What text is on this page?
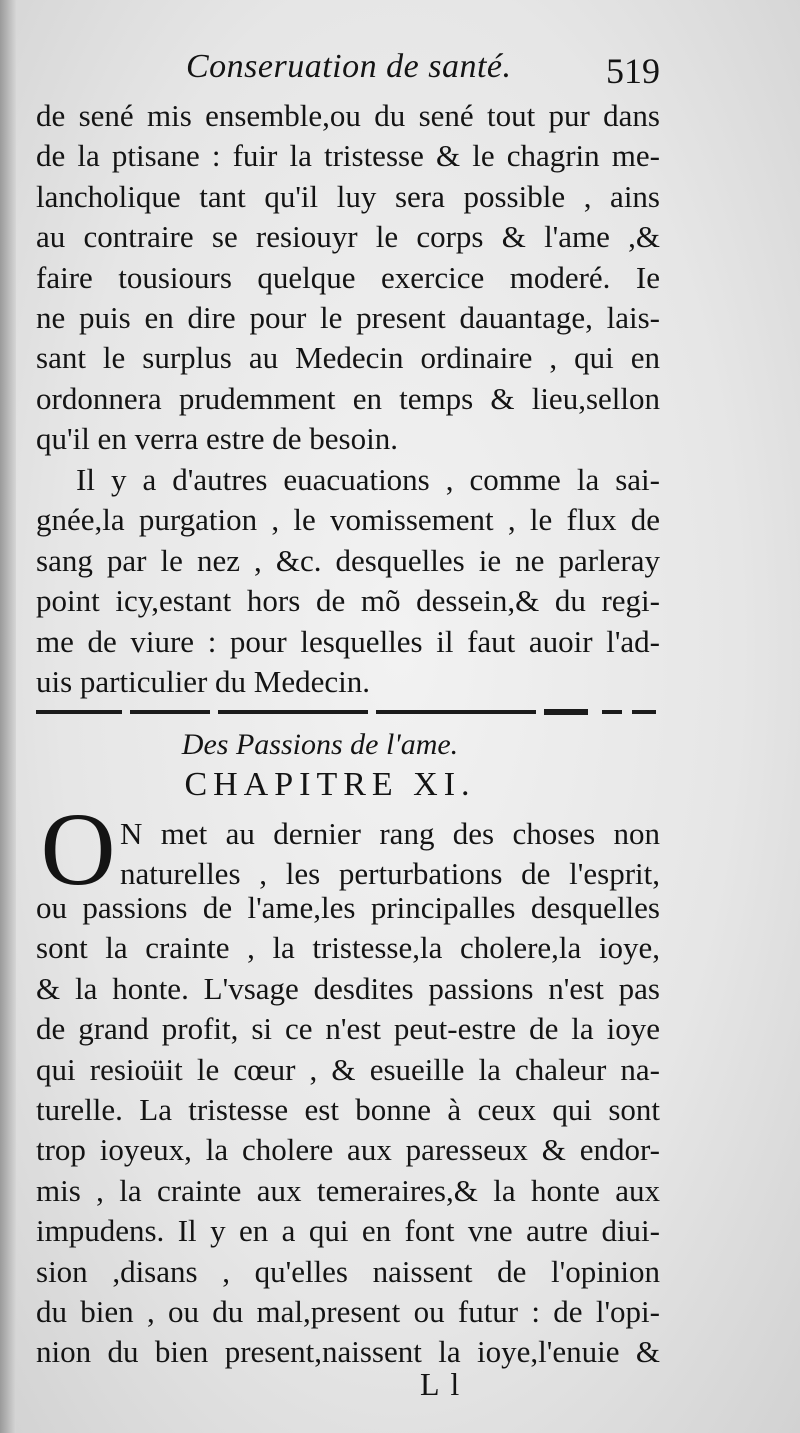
Conseruation de santé.	519
de sené mis ensemble,ou du sené tout pur dans
de la ptisane : fuir la tristesse & le chagrin me-
lancholique tant qu'il luy sera possible , ains
au contraire se resiouyr le corps & l'ame ,&
faire tousiours quelque exercice moderé. Ie
ne puis en dire pour le present dauantage, lais-
sant le surplus au Medecin ordinaire , qui en
ordonnera prudemment en temps & lieu,sellon
qu'il en verra estre de besoin.
Il y a d'autres euacuations , comme la sai-
gnée,la purgation , le vomissement , le flux de
sang par le nez , &c. desquelles ie ne parleray
point icy,estant hors de mõ dessein,& du regi-
me de viure : pour lesquelles il faut auoir l'ad-
uis particulier du Medecin.
Des Passions de l'ame.
CHAPITRE XI.
O N met au dernier rang des choses non
naturelles , les perturbations de l'esprit,
ou passions de l'ame,les principalles desquelles
sont la crainte , la tristesse,la cholere,la ioye,
& la honte. L'vsage desdites passions n'est pas
de grand profit, si ce n'est peut-estre de la ioye
qui resioüit le cœur , & esueille la chaleur na-
turelle. La tristesse est bonne à ceux qui sont
trop ioyeux, la cholere aux paresseux & endor-
mis , la crainte aux temeraires,& la honte aux
impudens. Il y en a qui en font vne autre diui-
sion ,disans , qu'elles naissent de l'opinion
du bien , ou du mal,present ou futur : de l'opi-
nion du bien present,naissent la ioye,l'enuie &
L l
